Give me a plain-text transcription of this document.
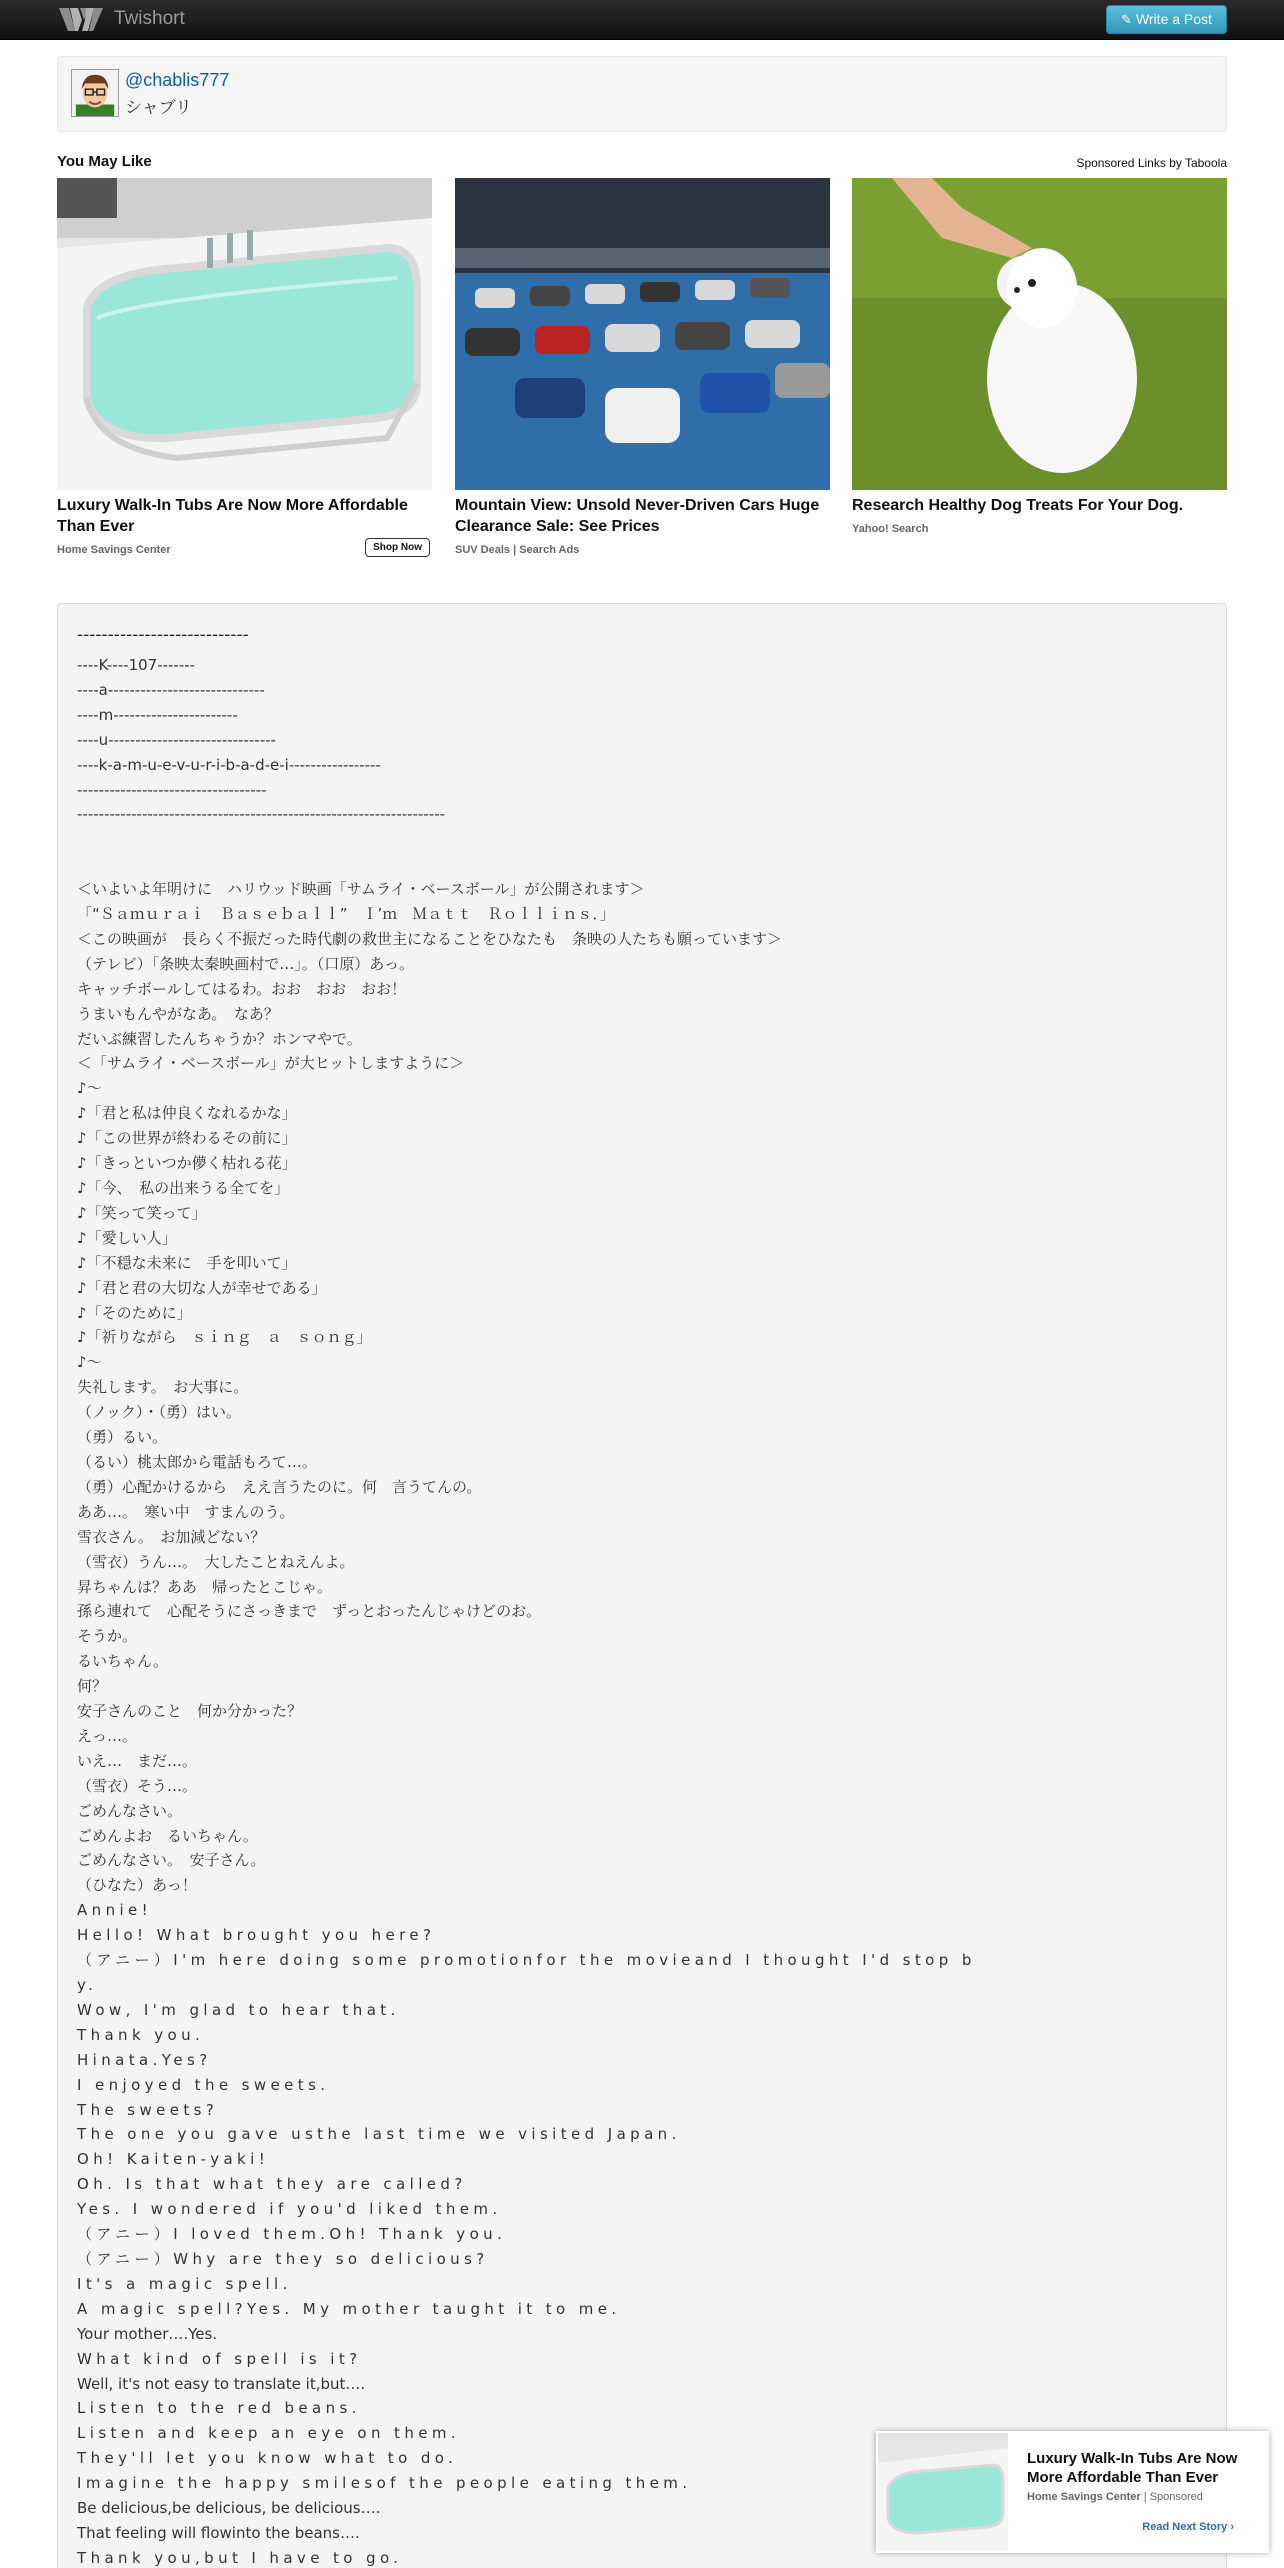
Twishort	✎ Write a Post
@chablis777
シャブリ
You May Like	Sponsored Links by Taboola
Luxury Walk-In Tubs Are Now More Affordable Than Ever
Home Savings Center	Shop Now
Mountain View: Unsold Never-Driven Cars Huge Clearance Sale: See Prices
SUV Deals | Search Ads
Research Healthy Dog Treats For Your Dog.
Yahoo! Search
----------------------------
----K----107-------
----a-----------------------------
----m-----------------------
----u-------------------------------
----k-a-m-u-e-v-u-r-i-b-a-d-e-i-----------------
-----------------------------------
--------------------------------------------------------------------
＜いよいよ年明けに　ハリウッド映画「サムライ・ベースボール」が公開されます＞
「“Ｓａｍｕｒａｉ　Ｂａｓｅｂａｌｌ”　Ｉ’ｍ　Ｍａｔｔ　Ｒｏｌｌｉｎｓ．」
＜この映画が　長らく不振だった時代劇の救世主になることをひなたも　条映の人たちも願っています＞
（テレビ）「条映太秦映画村で…」。（口原）あっ。
キャッチボールしてはるわ。おお　おお　おお！
うまいもんやがなあ。　なあ？
だいぶ練習したんちゃうか？ホンマやで。
＜「サムライ・ベースボール」が大ヒットしますように＞
♪～
♪「君と私は仲良くなれるかな」
♪「この世界が終わるその前に」
♪「きっといつか儚く枯れる花」
♪「今、　私の出来うる全てを」
♪「笑って笑って」
♪「愛しい人」
♪「不穏な未来に　手を叩いて」
♪「君と君の大切な人が幸せである」
♪「そのために」
♪「祈りながら　ｓｉｎｇ　ａ　ｓｏｎｇ」
♪～
失礼します。　お大事に。
（ノック）・（勇）はい。
（勇）るい。
（るい）桃太郎から電話もろて…。
（勇）心配かけるから　ええ言うたのに。何　言うてんの。
ああ…。　寒い中　すまんのう。
雪衣さん。　お加減どない？
（雪衣）うん…。　大したことねえんよ。
昇ちゃんは？ああ　帰ったとこじゃ。
孫ら連れて　心配そうにさっきまで　ずっとおったんじゃけどのお。
そうか。
るいちゃん。
何？
安子さんのこと　何か分かった？
えっ…。
いえ…　まだ…。
（雪衣）そう…。
ごめんなさい。
ごめんよお　るいちゃん。
ごめんなさい。　安子さん。
（ひなた）あっ！
Annie!
Hello! What brought you here?
（アニー）I'm here doing some promotionfor the movieand I thought I'd stop b
y.
Wow, I'm glad to hear that.
Thank you.
Hinata.Yes?
I enjoyed the sweets.
The sweets?
The one you gave usthe last time we visited Japan.
Oh! Kaiten-yaki!
Oh. Is that what they are called?
Yes. I wondered if you'd liked them.
（アニー）I loved them.Oh! Thank you.
（アニー）Why are they so delicious?
It's a magic spell.
A magic spell?Yes. My mother taught it to me.
Your mother….Yes.
What kind of spell is it?
Well, it's not easy to translate it,but….
Listen to the red beans.
Listen and keep an eye on them.
They'll let you know what to do.
Imagine the happy smilesof the people eating them.
Be delicious,be delicious, be delicious….
That feeling will flowinto the beans….
Thank you,but I have to go.
Luxury Walk-In Tubs Are Now More Affordable Than Ever
Home Savings Center | Sponsored
Read Next Story ›
